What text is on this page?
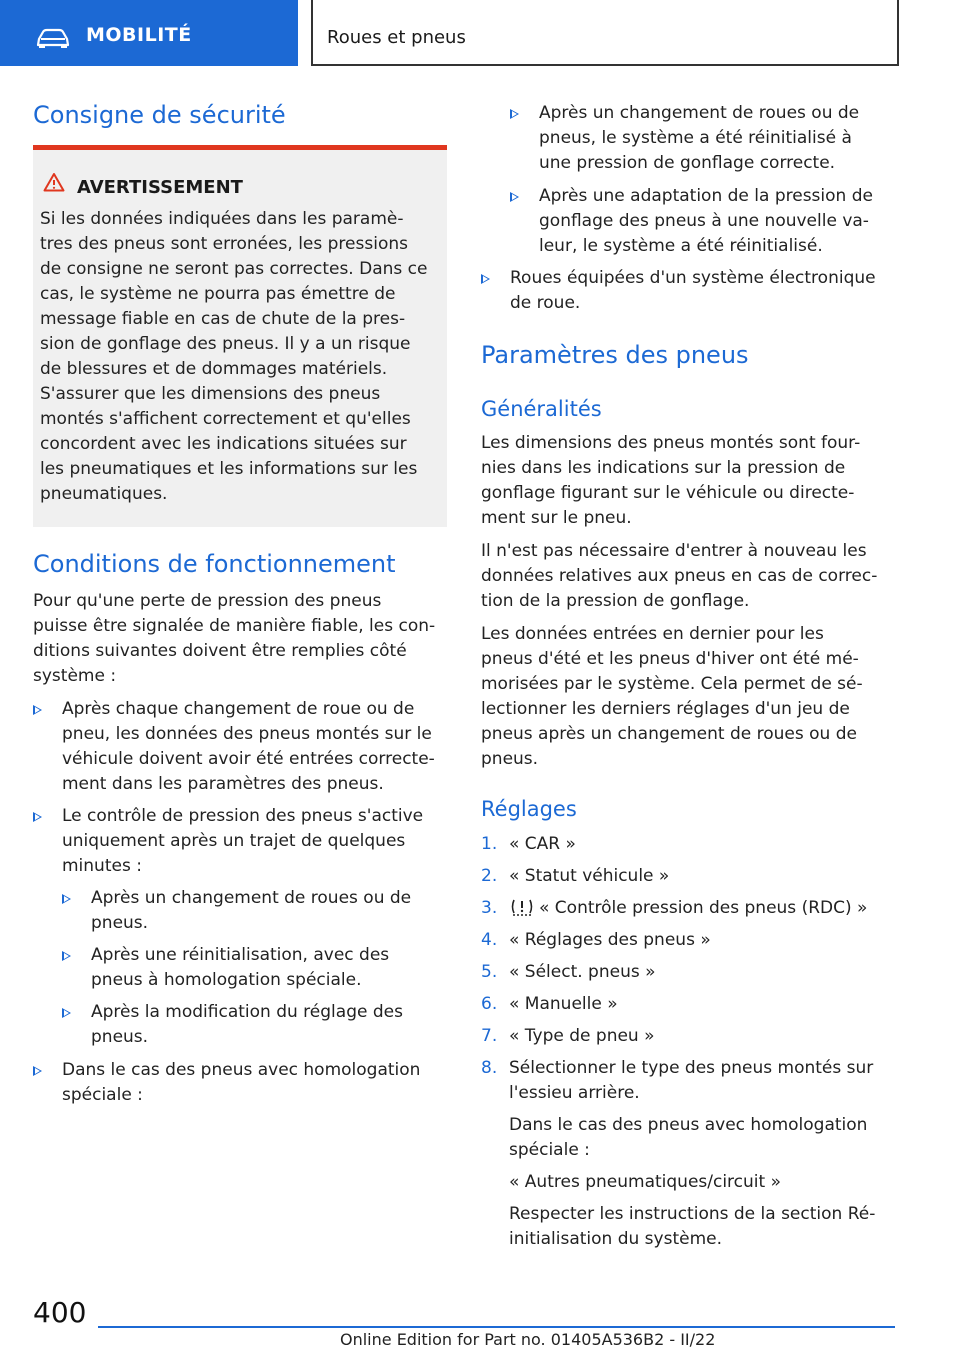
MOBILITÉ	Roues et pneus
Consigne de sécurité
AVERTISSEMENT
Si les données indiquées dans les paramè-
tres des pneus sont erronées, les pressions
de consigne ne seront pas correctes. Dans ce
cas, le système ne pourra pas émettre de
message fiable en cas de chute de la pres-
sion de gonflage des pneus. Il y a un risque
de blessures et de dommages matériels.
S'assurer que les dimensions des pneus
montés s'affichent correctement et qu'elles
concordent avec les indications situées sur
les pneumatiques et les informations sur les
pneumatiques.
Conditions de fonctionnement
Pour qu'une perte de pression des pneus
puisse être signalée de manière fiable, les con-
ditions suivantes doivent être remplies côté
système :
Après chaque changement de roue ou de
pneu, les données des pneus montés sur le
véhicule doivent avoir été entrées correcte-
ment dans les paramètres des pneus.
Le contrôle de pression des pneus s'active
uniquement après un trajet de quelques
minutes :
Après un changement de roues ou de
pneus.
Après une réinitialisation, avec des
pneus à homologation spéciale.
Après la modification du réglage des
pneus.
Dans le cas des pneus avec homologation
spéciale :
Après un changement de roues ou de
pneus, le système a été réinitialisé à
une pression de gonflage correcte.
Après une adaptation de la pression de
gonflage des pneus à une nouvelle va-
leur, le système a été réinitialisé.
Roues équipées d'un système électronique
de roue.
Paramètres des pneus
Généralités
Les dimensions des pneus montés sont four-
nies dans les indications sur la pression de
gonflage figurant sur le véhicule ou directe-
ment sur le pneu.
Il n'est pas nécessaire d'entrer à nouveau les
données relatives aux pneus en cas de correc-
tion de la pression de gonflage.
Les données entrées en dernier pour les
pneus d'été et les pneus d'hiver ont été mé-
morisées par le système. Cela permet de sé-
lectionner les derniers réglages d'un jeu de
pneus après un changement de roues ou de
pneus.
Réglages
1. « CAR »
2. « Statut véhicule »
3.	« Contrôle pression des pneus (RDC) »
4. « Réglages des pneus »
5. « Sélect. pneus »
6. « Manuelle »
7. « Type de pneu »
8. Sélectionner le type des pneus montés sur
l'essieu arrière.
Dans le cas des pneus avec homologation
spéciale :
« Autres pneumatiques/circuit »
Respecter les instructions de la section Ré-
initialisation du système.
400
Online Edition for Part no. 01405A536B2 - II/22
